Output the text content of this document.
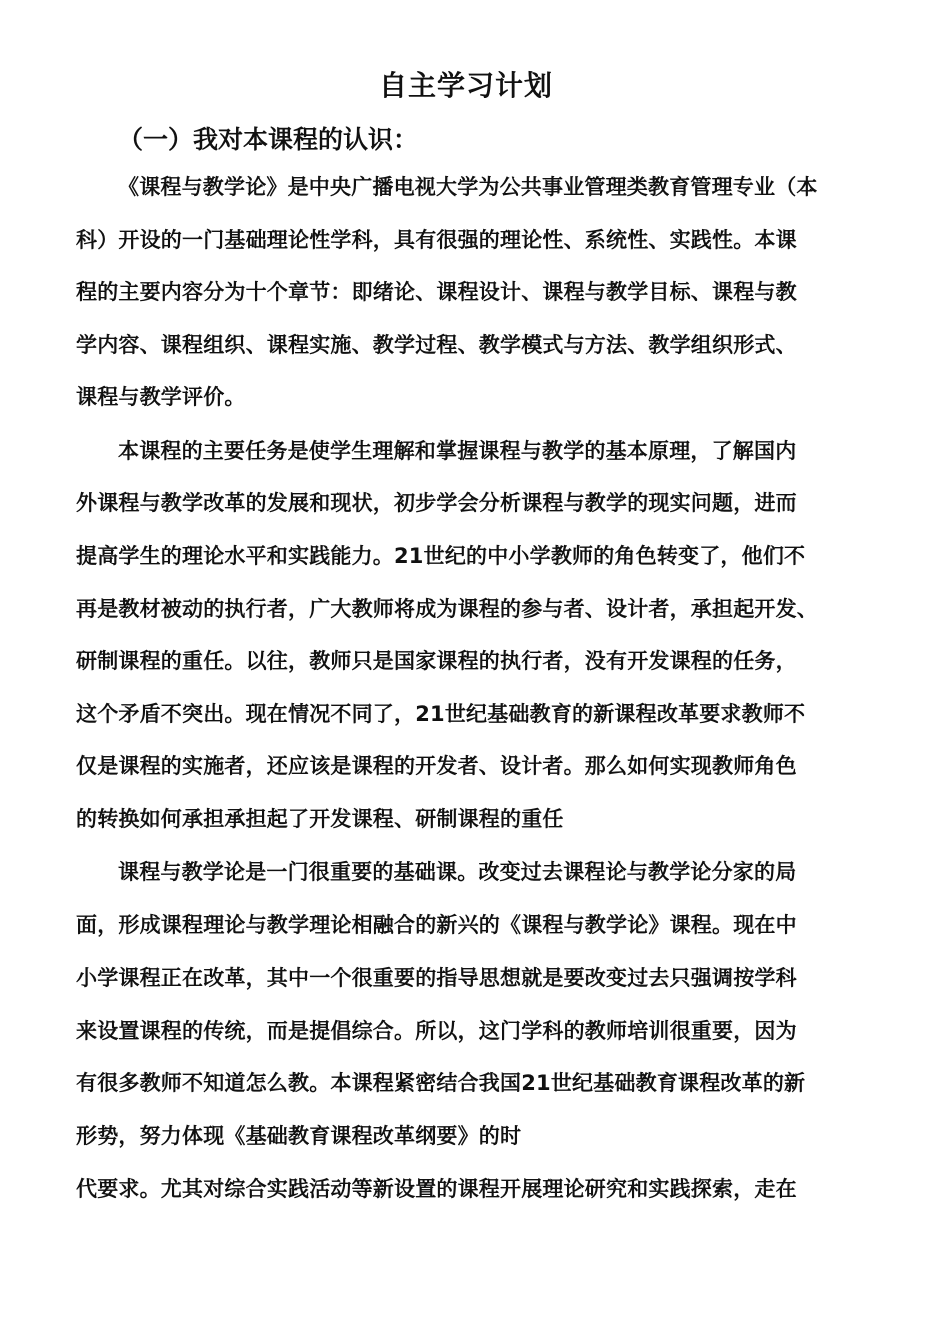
自主学习计划
（一）我对本课程的认识：
《课程与教学论》是中央广播电视大学为公共事业管理类教育管理专业（本
科）开设的一门基础理论性学科，具有很强的理论性、系统性、实践性。本课
程的主要内容分为十个章节：即绪论、课程设计、课程与教学目标、课程与教
学内容、课程组织、课程实施、教学过程、教学模式与方法、教学组织形式、
课程与教学评价。
本课程的主要任务是使学生理解和掌握课程与教学的基本原理，了解国内
外课程与教学改革的发展和现状，初步学会分析课程与教学的现实问题，进而
提高学生的理论水平和实践能力。21世纪的中小学教师的角色转变了，他们不
再是教材被动的执行者，广大教师将成为课程的参与者、设计者，承担起开发、
研制课程的重任。以往，教师只是国家课程的执行者，没有开发课程的任务，
这个矛盾不突出。现在情况不同了，21世纪基础教育的新课程改革要求教师不
仅是课程的实施者，还应该是课程的开发者、设计者。那么如何实现教师角色
的转换如何承担承担起了开发课程、研制课程的重任
课程与教学论是一门很重要的基础课。改变过去课程论与教学论分家的局
面，形成课程理论与教学理论相融合的新兴的《课程与教学论》课程。现在中
小学课程正在改革，其中一个很重要的指导思想就是要改变过去只强调按学科
来设置课程的传统，而是提倡综合。所以，这门学科的教师培训很重要，因为
有很多教师不知道怎么教。本课程紧密结合我国21世纪基础教育课程改革的新
形势，努力体现《基础教育课程改革纲要》的时
代要求。尤其对综合实践活动等新设置的课程开展理论研究和实践探索，走在
